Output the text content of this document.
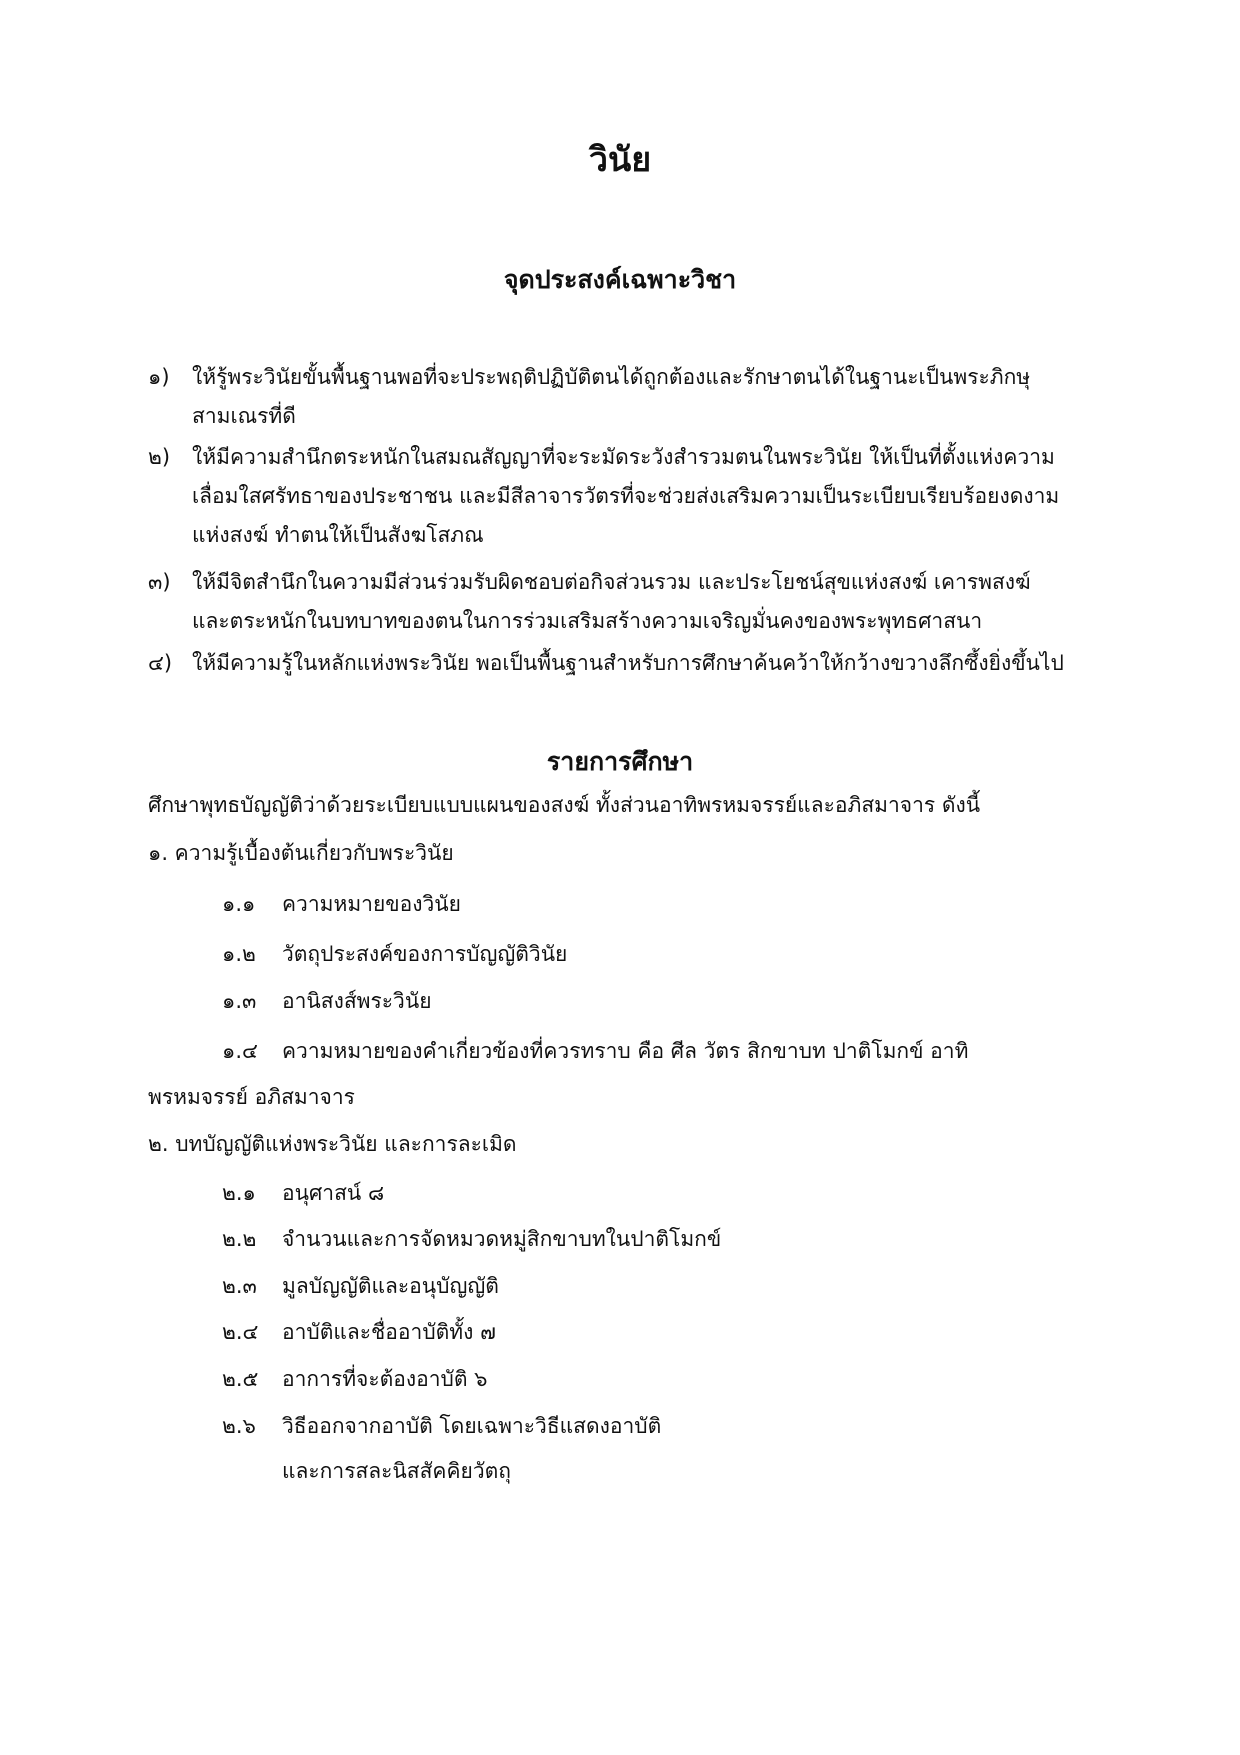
วินัย
จุดประสงค์เฉพาะวิชา
๑) ให้รู้พระวินัยขั้นพื้นฐานพอที่จะประพฤติปฏิบัติตนได้ถูกต้องและรักษาตนได้ในฐานะเป็นพระภิกษุ
สามเณรที่ดี
๒) ให้มีความสำนึกตระหนักในสมณสัญญาที่จะระมัดระวังสำรวมตนในพระวินัย ให้เป็นที่ตั้งแห่งความ
เลื่อมใสศรัทธาของประชาชน และมีสีลาจารวัตรที่จะช่วยส่งเสริมความเป็นระเบียบเรียบร้อยงดงาม
แห่งสงฆ์ ทำตนให้เป็นสังฆโสภณ
๓) ให้มีจิตสำนึกในความมีส่วนร่วมรับผิดชอบต่อกิจส่วนรวม และประโยชน์สุขแห่งสงฆ์ เคารพสงฆ์
และตระหนักในบทบาทของตนในการร่วมเสริมสร้างความเจริญมั่นคงของพระพุทธศาสนา
๔) ให้มีความรู้ในหลักแห่งพระวินัย พอเป็นพื้นฐานสำหรับการศึกษาค้นคว้าให้กว้างขวางลึกซึ้งยิ่งขึ้นไป
รายการศึกษา
ศึกษาพุทธบัญญัติว่าด้วยระเบียบแบบแผนของสงฆ์ ทั้งส่วนอาทิพรหมจรรย์และอภิสมาจาร ดังนี้
๑. ความรู้เบื้องต้นเกี่ยวกับพระวินัย
๑.๑ ความหมายของวินัย
๑.๒ วัตถุประสงค์ของการบัญญัติวินัย
๑.๓ อานิสงส์พระวินัย
๑.๔ ความหมายของคำเกี่ยวข้องที่ควรทราบ คือ ศีล วัตร สิกขาบท ปาติโมกข์ อาทิ
พรหมจรรย์ อภิสมาจาร
๒. บทบัญญัติแห่งพระวินัย และการละเมิด
๒.๑ อนุศาสน์ ๘
๒.๒ จำนวนและการจัดหมวดหมู่สิกขาบทในปาติโมกข์
๒.๓ มูลบัญญัติและอนุบัญญัติ
๒.๔ อาบัติและชื่ออาบัติทั้ง ๗
๒.๕ อาการที่จะต้องอาบัติ ๖
๒.๖ วิธีออกจากอาบัติ โดยเฉพาะวิธีแสดงอาบัติ
และการสละนิสสัคคิยวัตถุ
